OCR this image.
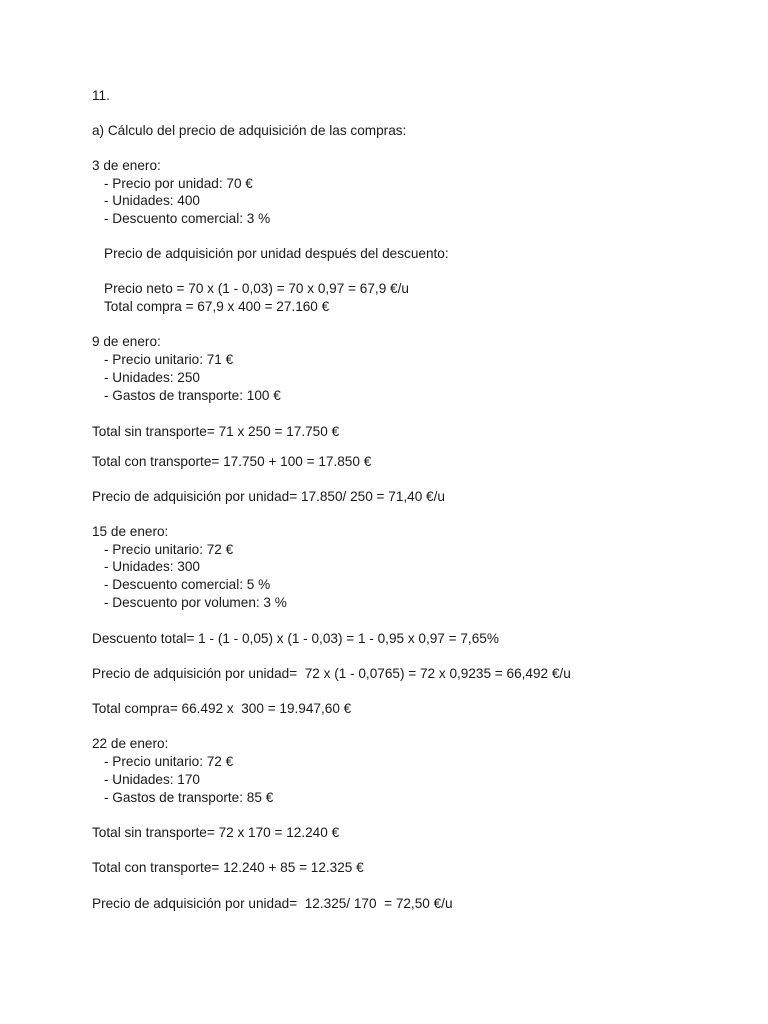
11.
a) Cálculo del precio de adquisición de las compras:
3 de enero:
- Precio por unidad: 70 €
- Unidades: 400
- Descuento comercial: 3 %
Precio de adquisición por unidad después del descuento:
Precio neto = 70 x (1 - 0,03) = 70 x 0,97 = 67,9 €/u
Total compra = 67,9 x 400 = 27.160 €
9 de enero:
- Precio unitario: 71 €
- Unidades: 250
- Gastos de transporte: 100 €
Total sin transporte= 71 x 250 = 17.750 €
Total con transporte= 17.750 + 100 = 17.850 €
Precio de adquisición por unidad= 17.850/ 250 = 71,40 €/u
15 de enero:
- Precio unitario: 72 €
- Unidades: 300
- Descuento comercial: 5 %
- Descuento por volumen: 3 %
Descuento total= 1 - (1 - 0,05) x (1 - 0,03) = 1 - 0,95 x 0,97 = 7,65%
Precio de adquisición por unidad=  72 x (1 - 0,0765) = 72 x 0,9235 = 66,492 €/u
Total compra= 66.492 x  300 = 19.947,60 €
22 de enero:
- Precio unitario: 72 €
- Unidades: 170
- Gastos de transporte: 85 €
Total sin transporte= 72 x 170 = 12.240 €
Total con transporte= 12.240 + 85 = 12.325 €
Precio de adquisición por unidad=  12.325/ 170  = 72,50 €/u
